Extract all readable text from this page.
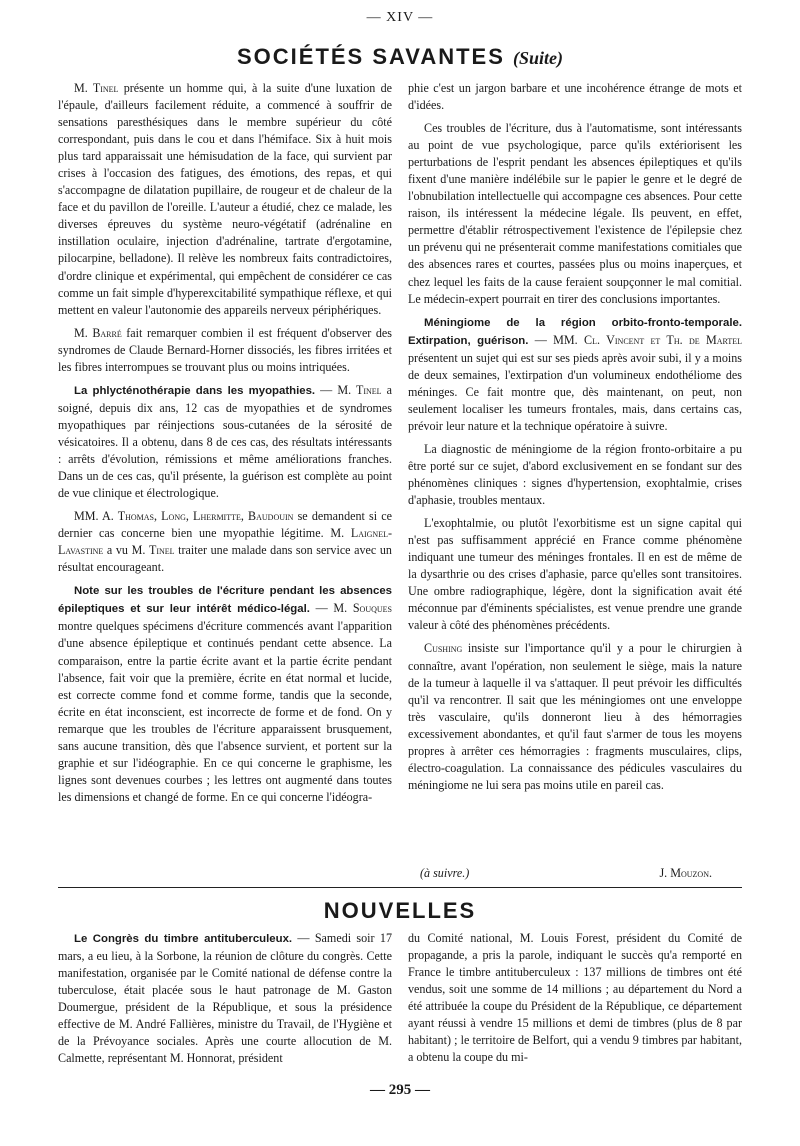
— XIV —
SOCIÉTÉS SAVANTES (Suite)

M. Tinel présente un homme qui, à la suite d'une luxation de l'épaule, d'ailleurs facilement réduite, a commencé à souffrir de sensations paresthésiques dans le membre supérieur du côté correspondant, puis dans le cou et dans l'hémiface. Six à huit mois plus tard apparaissait une hémisudation de la face, qui survient par crises à l'occasion des fatigues, des émotions, des repas, et qui s'accompagne de dilatation pupillaire, de rougeur et de chaleur de la face et du pavillon de l'oreille. L'auteur a étudié, chez ce malade, les diverses épreuves du système neuro-végétatif (adrénaline en instillation oculaire, injection d'adrénaline, tartrate d'ergotamine, pilocarpine, belladone). Il relève les nombreux faits contradictoires, d'ordre clinique et expérimental, qui empêchent de considérer ce cas comme un fait simple d'hyperexcitabilité sympathique réflexe, et qui mettent en valeur l'autonomie des appareils nerveux périphériques.

M. Barré fait remarquer combien il est fréquent d'observer des syndromes de Claude Bernard-Horner dissociés, les fibres irritées et les fibres interrompues se trouvant plus ou moins intriquées.

La phlycténothérapie dans les myopathies. — M. Tinel a soigné, depuis dix ans, 12 cas de myopathies et de syndromes myopathiques par réinjections sous-cutanées de la sérosité de vésicatoires. Il a obtenu, dans 8 de ces cas, des résultats intéressants : arrêts d'évolution, rémissions et même améliorations franches. Dans un de ces cas, qu'il présente, la guérison est complète au point de vue clinique et électrologique.

MM. A. Thomas, Long, Lhermitte, Baudouin se demandent si ce dernier cas concerne bien une myopathie légitime. M. Laignel-Lavastine a vu M. Tinel traiter une malade dans son service avec un résultat encourageant.

Note sur les troubles de l'écriture pendant les absences épileptiques et sur leur intérêt médico-légal. — M. Souques montre quelques spécimens d'écriture commencés avant l'apparition d'une absence épileptique et continués pendant cette absence. La comparaison, entre la partie écrite avant et la partie écrite pendant l'absence, fait voir que la première, écrite en état normal et lucide, est correcte comme fond et comme forme, tandis que la seconde, écrite en état inconscient, est incorrecte de forme et de fond. On y remarque que les troubles de l'écriture apparaissent brusquement, sans aucune transition, dès que l'absence survient, et portent sur la graphie et sur l'idéographie. En ce qui concerne le graphisme, les lignes sont devenues courbes ; les lettres ont augmenté dans toutes les dimensions et changé de forme. En ce qui concerne l'idéogra-

phie c'est un jargon barbare et une incohérence étrange de mots et d'idées.

Ces troubles de l'écriture, dus à l'automatisme, sont intéressants au point de vue psychologique, parce qu'ils extériorisent les perturbations de l'esprit pendant les absences épileptiques et qu'ils fixent d'une manière indélébile sur le papier le genre et le degré de l'obnubilation intellectuelle qui accompagne ces absences. Pour cette raison, ils intéressent la médecine légale. Ils peuvent, en effet, permettre d'établir rétrospectivement l'existence de l'épilepsie chez un prévenu qui ne présenterait comme manifestations comitiales que des absences rares et courtes, passées plus ou moins inaperçues, et chez lequel les faits de la cause feraient soupçonner le mal comitial. Le médecin-expert pourrait en tirer des conclusions importantes.

Méningiome de la région orbito-fronto-temporale. Extirpation, guérison. — MM. Cl. Vincent et Th. de Martel présentent un sujet qui est sur ses pieds après avoir subi, il y a moins de deux semaines, l'extirpation d'un volumineux endothéliome des méninges. Ce fait montre que, dès maintenant, on peut, non seulement localiser les tumeurs frontales, mais, dans certains cas, prévoir leur nature et la technique opératoire à suivre.

La diagnostic de méningiome de la région fronto-orbitaire a pu être porté sur ce sujet, d'abord exclusivement en se fondant sur des phénomènes cliniques : signes d'hypertension, exophtalmie, crises d'aphasie, troubles mentaux.

L'exophtalmie, ou plutôt l'exorbitisme est un signe capital qui n'est pas suffisamment apprécié en France comme phénomène indiquant une tumeur des méninges frontales. Il en est de même de la dysarthrie ou des crises d'aphasie, parce qu'elles sont transitoires. Une ombre radiographique, légère, dont la signification avait été méconnue par d'éminents spécialistes, est venue prendre une grande valeur à côté des phénomènes précédents.

Cushing insiste sur l'importance qu'il y a pour le chirurgien à connaître, avant l'opération, non seulement le siège, mais la nature de la tumeur à laquelle il va s'attaquer. Il peut prévoir les difficultés qu'il va rencontrer. Il sait que les méningiomes ont une enveloppe très vasculaire, qu'ils donneront lieu à des hémorragies excessivement abondantes, et qu'il faut s'armer de tous les moyens propres à arrêter ces hémorragies : fragments musculaires, clips, électro-coagulation. La connaissance des pédicules vasculaires du méningiome ne lui sera pas moins utile en pareil cas.

(à suivre.)	J. Mouzon.
NOUVELLES

Le Congrès du timbre antituberculeux. — Samedi soir 17 mars, a eu lieu, à la Sorbone, la réunion de clôture du congrès. Cette manifestation, organisée par le Comité national de défense contre la tuberculose, était placée sous le haut patronage de M. Gaston Doumergue, président de la République, et sous la présidence effective de M. André Fallières, ministre du Travail, de l'Hygiène et de la Prévoyance sociales. Après une courte allocution de M. Calmette, représentant M. Honnorat, président

du Comité national, M. Louis Forest, président du Comité de propagande, a pris la parole, indiquant le succès qu'a remporté en France le timbre antituberculeux : 137 millions de timbres ont été vendus, soit une somme de 14 millions ; au département du Nord a été attribuée la coupe du Président de la République, ce département ayant réussi à vendre 15 millions et demi de timbres (plus de 8 par habitant) ; le territoire de Belfort, qui a vendu 9 timbres par habitant, a obtenu la coupe du mi-

— 295 —
